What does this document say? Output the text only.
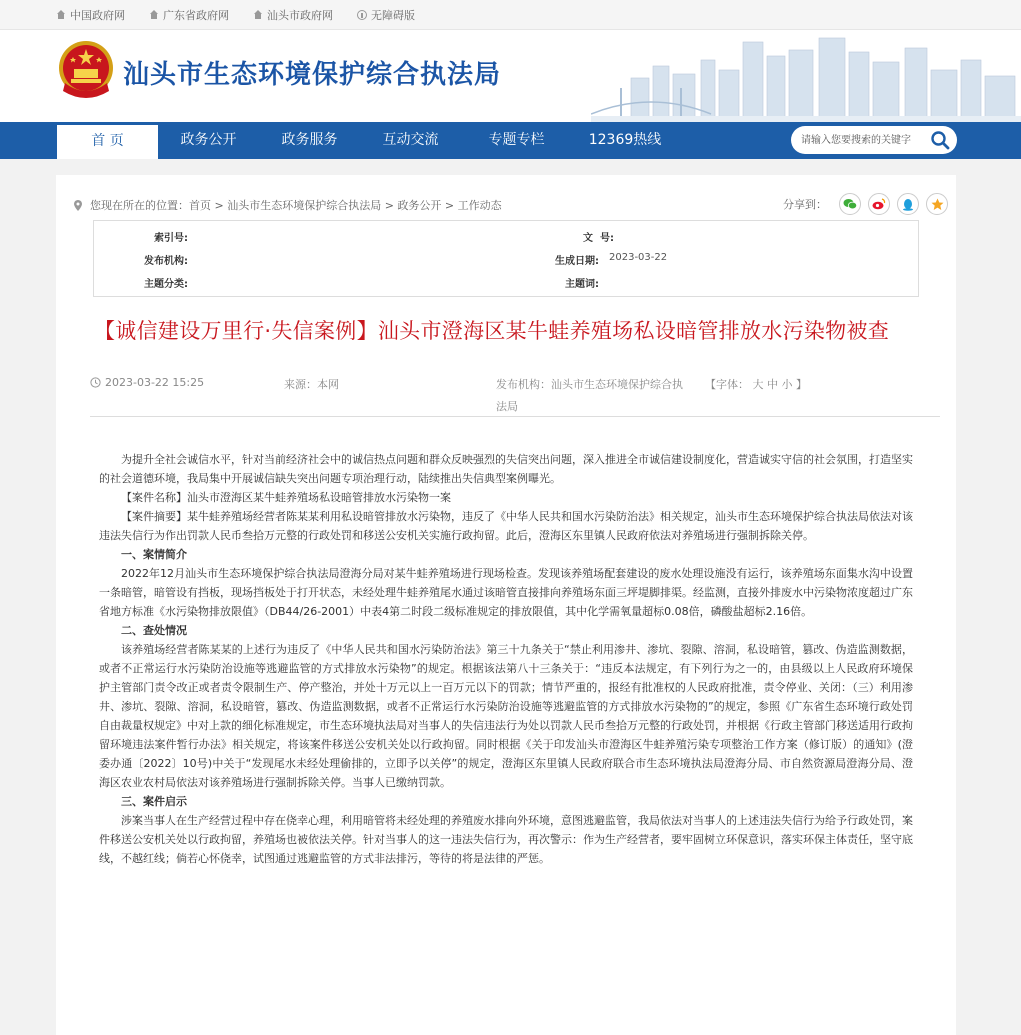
中国政府网	广东省政府网	汕头市政府网	无障碍版
汕头市生态环境保护综合执法局
首 页	政务公开	政务服务	互动交流	专题专栏	12369热线
请输入您要搜索的关键字
您现在所在的位置： 首页 > 汕头市生态环境保护综合执法局 > 政务公开 > 工作动态	分享到：
索引号:	文  号:
发布机构:	生成日期: 2023-03-22
主题分类:	主题词:
【诚信建设万里行·失信案例】汕头市澄海区某牛蛙养殖场私设暗管排放水污染物被查
2023-03-22 15:25	来源：本网	发布机构：汕头市生态环境保护综合执
法局
【字体： 大 中 小 】

为提升全社会诚信水平，针对当前经济社会中的诚信热点问题和群众反映强烈的失信突出问题，深入推进全市诚信建设制度化，营造诚实守信的社会氛围，打造坚实的社会道德环境，我局集中开展诚信缺失突出问题专项治理行动，陆续推出失信典型案例曝光。

【案件名称】汕头市澄海区某牛蛙养殖场私设暗管排放水污染物一案

【案件摘要】某牛蛙养殖场经营者陈某某利用私设暗管排放水污染物，违反了《中华人民共和国水污染防治法》相关规定，汕头市生态环境保护综合执法局依法对该违法失信行为作出罚款人民币叁拾万元整的行政处罚和移送公安机关实施行政拘留。此后，澄海区东里镇人民政府依法对养殖场进行强制拆除关停。

一、案情简介

2022年12月汕头市生态环境保护综合执法局澄海分局对某牛蛙养殖场进行现场检查。发现该养殖场配套建设的废水处理设施没有运行，该养殖场东面集水沟中设置一条暗管，暗管设有挡板，现场挡板处于打开状态，未经处理牛蛙养殖尾水通过该暗管直接排向养殖场东面三坪堤脚排渠。经监测，直接外排废水中污染物浓度超过广东省地方标准《水污染物排放限值》（DB44/26-2001）中表4第二时段二级标准规定的排放限值，其中化学需氧量超标0.08倍，磷酸盐超标2.16倍。

二、查处情况

该养殖场经营者陈某某的上述行为违反了《中华人民共和国水污染防治法》第三十九条关于“禁止利用渗井、渗坑、裂隙、溶洞，私设暗管，篡改、伪造监测数据，或者不正常运行水污染防治设施等逃避监管的方式排放水污染物”的规定。根据该法第八十三条关于：“违反本法规定，有下列行为之一的，由县级以上人民政府环境保护主管部门责令改正或者责令限制生产、停产整治，并处十万元以上一百万元以下的罚款；情节严重的，报经有批准权的人民政府批准，责令停业、关闭：（三）利用渗井、渗坑、裂隙、溶洞，私设暗管，篡改、伪造监测数据，或者不正常运行水污染防治设施等逃避监管的方式排放水污染物的”的规定，参照《广东省生态环境行政处罚自由裁量权规定》中对上款的细化标准规定，市生态环境执法局对当事人的失信违法行为处以罚款人民币叁拾万元整的行政处罚，并根据《行政主管部门移送适用行政拘留环境违法案件暂行办法》相关规定，将该案件移送公安机关处以行政拘留。同时根据《关于印发汕头市澄海区牛蛙养殖污染专项整治工作方案（修订版）的通知》(澄委办通〔2022〕10号)中关于“发现尾水未经处理偷排的，立即予以关停”的规定，澄海区东里镇人民政府联合市生态环境执法局澄海分局、市自然资源局澄海分局、澄海区农业农村局依法对该养殖场进行强制拆除关停。当事人已缴纳罚款。

三、案件启示

涉案当事人在生产经营过程中存在侥幸心理，利用暗管将未经处理的养殖废水排向外环境，意图逃避监管，我局依法对当事人的上述违法失信行为给予行政处罚，案件移送公安机关处以行政拘留，养殖场也被依法关停。针对当事人的这一违法失信行为，再次警示：作为生产经营者，要牢固树立环保意识，落实环保主体责任，坚守底线，不越红线；倘若心怀侥幸，试图通过逃避监管的方式非法排污，等待的将是法律的严惩。
